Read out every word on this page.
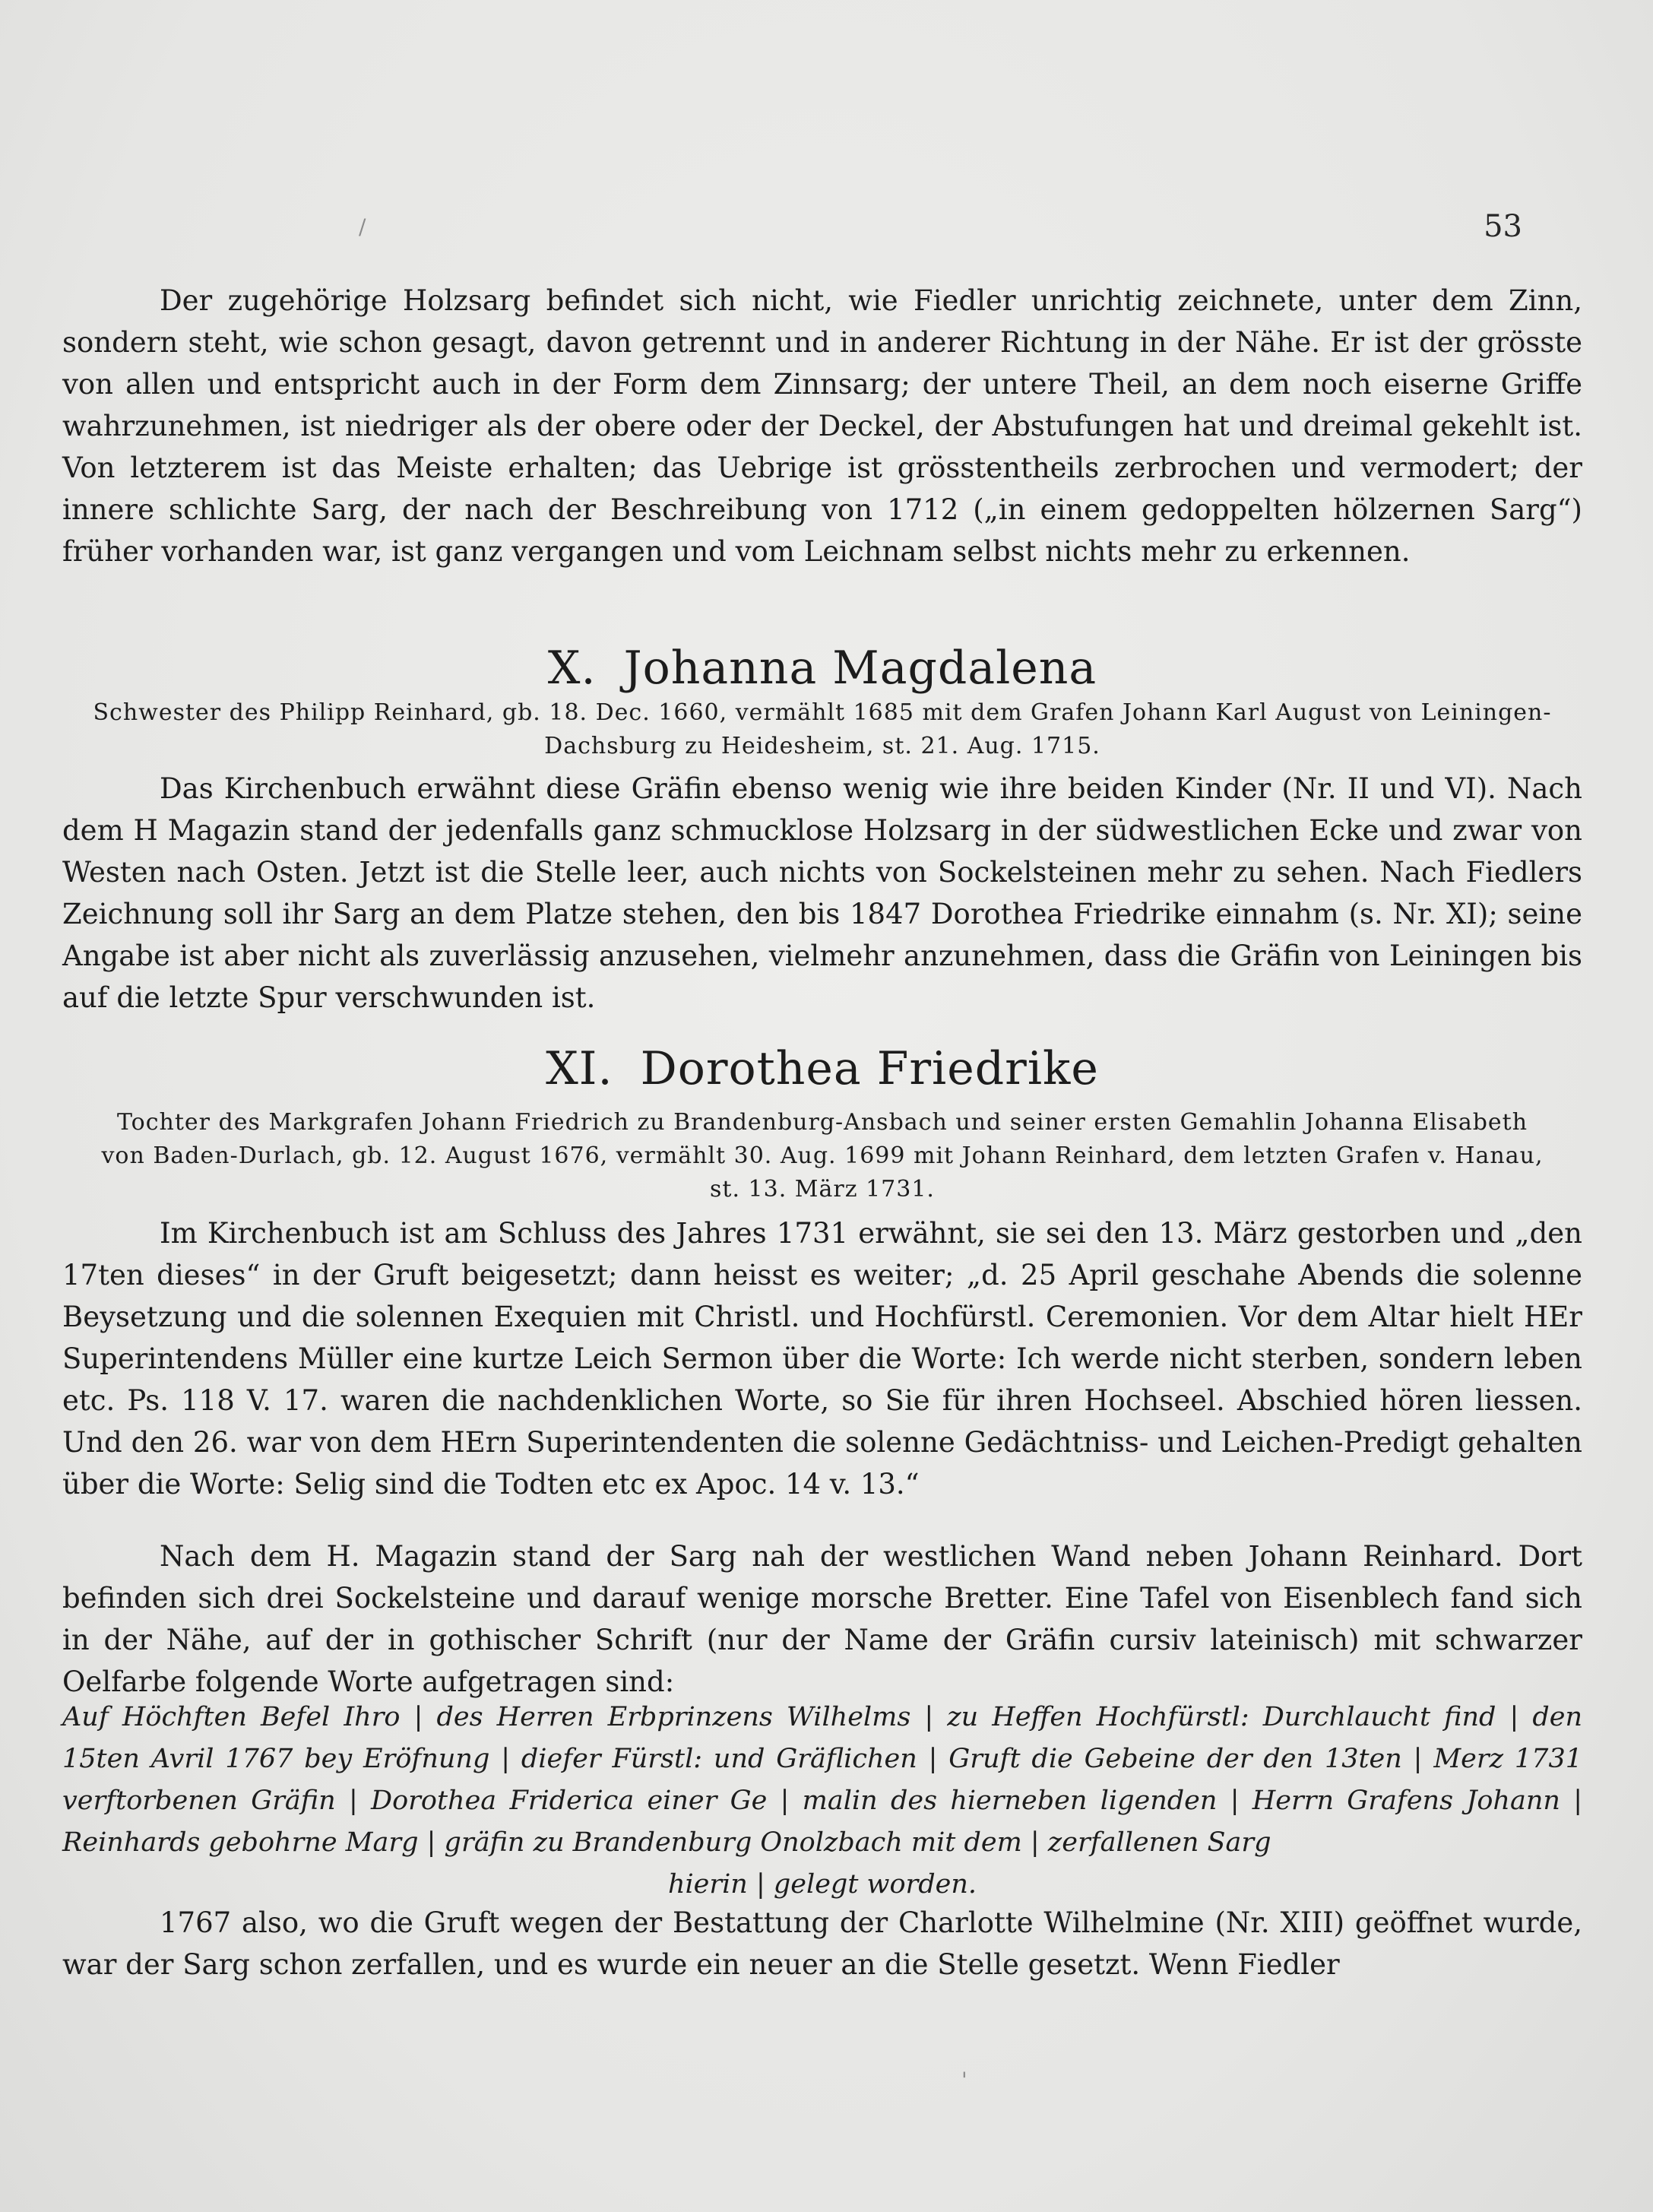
/
'
53

Der zugehörige Holzsarg befindet sich nicht, wie Fiedler unrichtig zeichnete, unter dem Zinn, sondern steht, wie schon gesagt, davon getrennt und in anderer Richtung in der Nähe. Er ist der grösste von allen und entspricht auch in der Form dem Zinnsarg; der untere Theil, an dem noch eiserne Griffe wahrzunehmen, ist niedriger als der obere oder der Deckel, der Abstufungen hat und dreimal gekehlt ist. Von letzterem ist das Meiste erhalten; das Uebrige ist grösstentheils zerbrochen und vermodert; der innere schlichte Sarg, der nach der Beschreibung von 1712 („in einem gedoppelten hölzernen Sarg“) früher vorhanden war, ist ganz vergangen und vom Leichnam selbst nichts mehr zu erkennen.

X. Johanna Magdalena

Schwester des Philipp Reinhard, gb. 18. Dec. 1660, vermählt 1685 mit dem Grafen Johann Karl August von Leiningen-Dachsburg zu Heidesheim, st. 21. Aug. 1715.

Das Kirchenbuch erwähnt diese Gräfin ebenso wenig wie ihre beiden Kinder (Nr. II und VI). Nach dem H Magazin stand der jedenfalls ganz schmucklose Holzsarg in der südwestlichen Ecke und zwar von Westen nach Osten. Jetzt ist die Stelle leer, auch nichts von Sockelsteinen mehr zu sehen. Nach Fiedlers Zeichnung soll ihr Sarg an dem Platze stehen, den bis 1847 Dorothea Friedrike einnahm (s. Nr. XI); seine Angabe ist aber nicht als zuverlässig anzusehen, vielmehr anzunehmen, dass die Gräfin von Leiningen bis auf die letzte Spur verschwunden ist.

XI. Dorothea Friedrike

Tochter des Markgrafen Johann Friedrich zu Brandenburg-Ansbach und seiner ersten Gemahlin Johanna Elisabeth von Baden-Durlach, gb. 12. August 1676, vermählt 30. Aug. 1699 mit Johann Reinhard, dem letzten Grafen v. Hanau, st. 13. März 1731.

Im Kirchenbuch ist am Schluss des Jahres 1731 erwähnt, sie sei den 13. März gestorben und „den 17ten dieses“ in der Gruft beigesetzt; dann heisst es weiter; „d. 25 April geschahe Abends die solenne Beysetzung und die solennen Exequien mit Christl. und Hochfürstl. Ceremonien. Vor dem Altar hielt HEr Superintendens Müller eine kurtze Leich Sermon über die Worte: Ich werde nicht sterben, sondern leben etc. Ps. 118 V. 17. waren die nachdenklichen Worte, so Sie für ihren Hochseel. Abschied hören liessen. Und den 26. war von dem HErn Superintendenten die solenne Gedächtniss- und Leichen-Predigt gehalten über die Worte: Selig sind die Todten etc ex Apoc. 14 v. 13.“

Nach dem H. Magazin stand der Sarg nah der westlichen Wand neben Johann Reinhard. Dort befinden sich drei Sockelsteine und darauf wenige morsche Bretter. Eine Tafel von Eisenblech fand sich in der Nähe, auf der in gothischer Schrift (nur der Name der Gräfin cursiv lateinisch) mit schwarzer Oelfarbe folgende Worte aufgetragen sind:

Auf Höchften Befel Ihro | des Herren Erbprinzens Wilhelms | zu Heffen Hochfürstl: Durchlaucht find | den 15ten Avril 1767 bey Eröfnung | diefer Fürstl: und Gräflichen | Gruft die Gebeine der den 13ten | Merz 1731 verftorbenen Gräfin | Dorothea Friderica einer Ge | malin des hierneben ligenden | Herrn Grafens Johann | Reinhards gebohrne Marg | gräfin zu Brandenburg Onolzbach mit dem | zerfallenen Sarg

hierin | gelegt worden.

1767 also, wo die Gruft wegen der Bestattung der Charlotte Wilhelmine (Nr. XIII) geöffnet wurde, war der Sarg schon zerfallen, und es wurde ein neuer an die Stelle gesetzt. Wenn Fiedler
